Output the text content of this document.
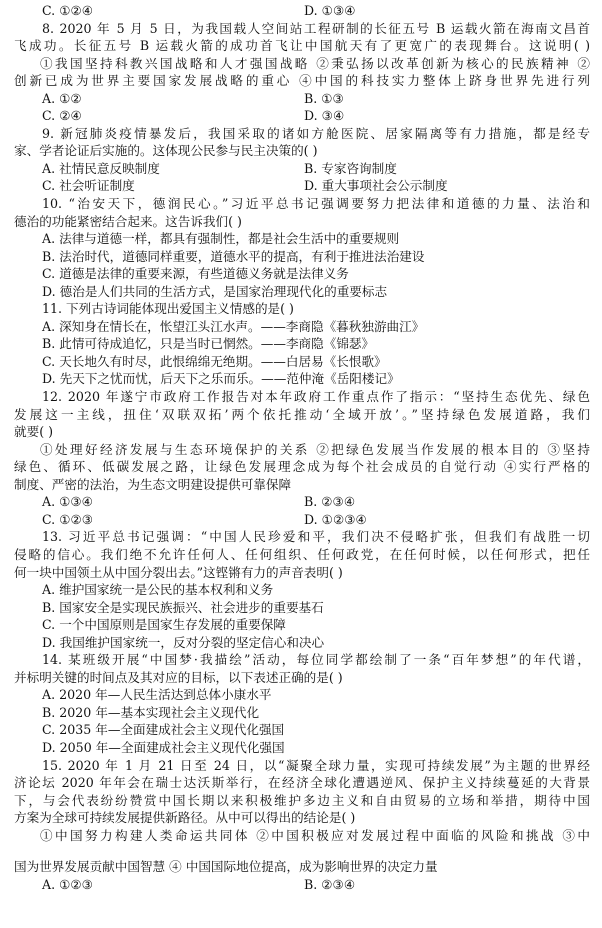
C. ①②④	D. ①③④
8. 2020 年 5 月 5 日，为我国载人空间站工程研制的长征五号 B 运载火箭在海南文昌首
飞成功。长征五号 B 运载火箭的成功首飞让中国航天有了更宽广的表现舞台。这说明( )
①我国坚持科教兴国战略和人才强国战略 ②秉弘扬以改革创新为核心的民族精神 ②
创新已成为世界主要国家发展战略的重心 ④中国的科技实力整体上跻身世界先进行列
A. ①②	B. ①③
C. ②④	D. ③④
9. 新冠肺炎疫情暴发后，我国采取的诸如方舱医院、居家隔离等有力措施，都是经专
家、学者论证后实施的。这体现公民参与民主决策的( )
A. 社情民意反映制度	B. 专家咨询制度
C. 社会听证制度	D. 重大事项社会公示制度
10. “治安天下，德润民心。”习近平总书记强调要努力把法律和道德的力量、法治和
德治的功能紧密结合起来。这告诉我们( )
A. 法律与道德一样，都具有强制性，都是社会生活中的重要规则
B. 法治时代，道德同样重要，道德水平的提高，有利于推进法治建设
C. 道德是法律的重要来源，有些道德义务就是法律义务
D. 德治是人们共同的生活方式，是国家治理现代化的重要标志
11. 下列古诗词能体现出爱国主义情感的是( )
A. 深知身在情长在，怅望江头江水声。——李商隐《暮秋独游曲江》
B. 此情可待成追忆，只是当时已惘然。——李商隐《锦瑟》
C. 天长地久有时尽，此恨绵绵无绝期。——白居易《长恨歌》
D. 先天下之忧而忧，后天下之乐而乐。——范仲淹《岳阳楼记》
12. 2020 年遂宁市政府工作报告对本年政府工作重点作了指示：“坚持生态优先、绿色
发展这一主线，扭住‘双联双拓’两个依托推动‘全域开放’。”坚持绿色发展道路，我们
就要( )
①处理好经济发展与生态环境保护的关系 ②把绿色发展当作发展的根本目的 ③坚持
绿色、循环、低碳发展之路，让绿色发展理念成为每个社会成员的自觉行动 ④实行严格的
制度、严密的法治，为生态文明建设提供可靠保障
A. ①③④	B. ②③④
C. ①②③	D. ①②③④
13. 习近平总书记强调：“中国人民珍爱和平，我们决不侵略扩张，但我们有战胜一切
侵略的信心。我们绝不允许任何人、任何组织、任何政党，在任何时候，以任何形式，把任
何一块中国领土从中国分裂出去。”这铿锵有力的声音表明( )
A. 维护国家统一是公民的基本权利和义务
B. 国家安全是实现民族振兴、社会进步的重要基石
C. 一个中国原则是国家生存发展的重要保障
D. 我国维护国家统一，反对分裂的坚定信心和决心
14. 某班级开展“中国梦·我描绘”活动，每位同学都绘制了一条“百年梦想”的年代谱，
并标明关键的时间点及其对应的目标，以下表述正确的是( )
A. 2020 年—人民生活达到总体小康水平
B. 2020 年—基本实现社会主义现代化
C. 2035 年—全面建成社会主义现代化强国
D. 2050 年—全面建成社会主义现代化强国
15. 2020 年 1 月 21 日至 24 日，以“凝聚全球力量，实现可持续发展”为主题的世界经
济论坛 2020 年年会在瑞士达沃斯举行，在经济全球化遭遇逆风、保护主义持续蔓延的大背景
下，与会代表纷纷赞赏中国长期以来积极维护多边主义和自由贸易的立场和举措，期待中国
方案为全球可持续发展提供新路径。从中可以得出的结论是( )
①中国努力构建人类命运共同体 ②中国积极应对发展过程中面临的风险和挑战 ③中
国为世界发展贡献中国智慧 ④ 中国国际地位提高，成为影响世界的决定力量
A. ①②③	B. ②③④
